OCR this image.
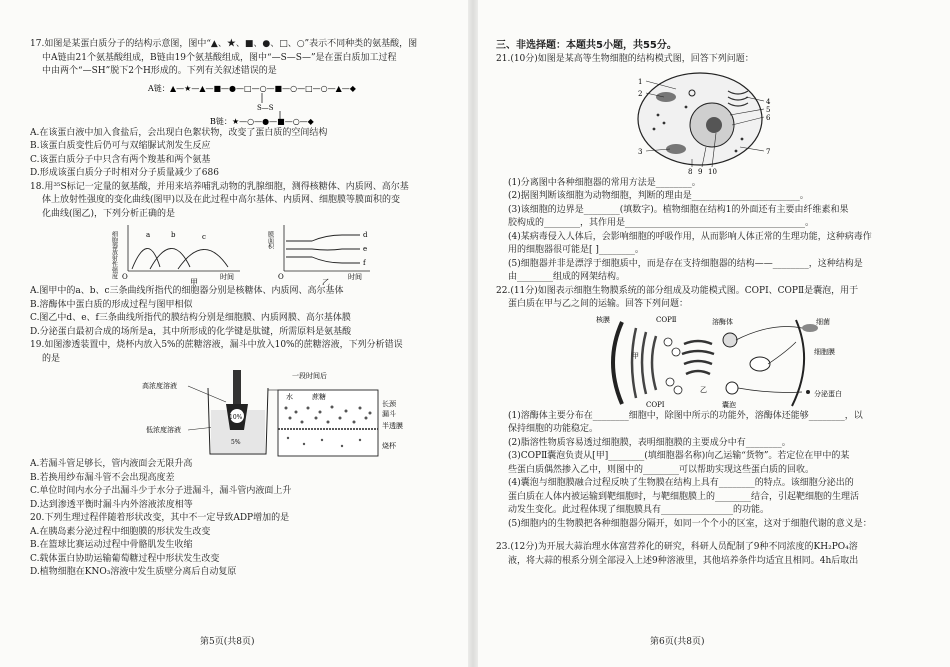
17.如图是某蛋白质分子的结构示意图，图中“▲、★、■、●、□、○”表示不同种类的氨基酸，图

中A链由21个氨基酸组成，B链由19个氨基酸组成，图中“—S—S—”是在蛋白质加工过程

中由两个“—SH”脱下2个H形成的。下列有关叙述错误的是

A链： ▲—★—▲—■—●—□—○—■—○—□—○—▲—◆
S—S
B链： ★—○—●—■—○—◆

A.在该蛋白液中加入食盐后，会出现白色絮状物，改变了蛋白质的空间结构

B.该蛋白质变性后仍可与双缩脲试剂发生反应

C.该蛋白质分子中只含有两个羧基和两个氨基

D.形成该蛋白质分子时相对分子质量减少了686

18.用³⁵S标记一定量的氨基酸，并用来培养哺乳动物的乳腺细胞，测得核糖体、内质网、高尔基

体上放射性强度的变化曲线(图甲)以及在此过程中高尔基体、内质网、细胞膜等膜面积的变

化曲线(图乙)，下列分析正确的是

细胞器放射性强度	a	b	c
O	时间
甲
膜面积	d
e
f
O	时间
乙

A.图甲中的a、b、c三条曲线所指代的细胞器分别是核糖体、内质网、高尔基体

B.溶酶体中蛋白质的形成过程与图甲相似

C.图乙中d、e、f三条曲线所指代的膜结构分别是细胞膜、内质网膜、高尔基体膜

D.分泌蛋白最初合成的场所是a，其中所形成的化学键是肽键，所需原料是氨基酸

19.如图渗透装置中，烧杯内放入5%的蔗糖溶液，漏斗中放入10%的蔗糖溶液，下列分析错误

的是

高浓度溶液
低浓度溶液
10%
5%
一段时间后
水	蔗糖
长颈
漏斗
半透膜
烧杯

A.若漏斗管足够长，管内液面会无限升高

B.若换用纱布漏斗管不会出现高度差

C.单位时间内水分子出漏斗少于水分子进漏斗，漏斗管内液面上升

D.达到渗透平衡时漏斗内外溶液浓度相等

20.下列生理过程伴随着形状改变，其中不一定导致ADP增加的是

A.在胰岛素分泌过程中细胞膜的形状发生改变

B.在篮球比赛运动过程中骨骼肌发生收缩

C.载体蛋白协助运输葡萄糖过程中形状发生改变

D.植物细胞在KNO₃溶液中发生质壁分离后自动复原

第5页(共8页)

三、非选择题：本题共5小题，共55分。

21.(10分)如图是某高等生物细胞的结构模式图，回答下列问题：

1
2
3
4
5
6
7
8 9 10

(1)分离图中各种细胞器的常用方法是________。

(2)据图判断该细胞为动物细胞，判断的理由是________________________。

(3)该细胞的边界是________(填数字)。植物细胞在结构1的外面还有主要由纤维素和果

胶构成的________，其作用是________________________________________。

(4)某病毒侵入人体后，会影响细胞的呼吸作用，从而影响人体正常的生理功能，这种病毒作

用的细胞器很可能是[ ]________。

(5)细胞器并非是漂浮于细胞质中，而是存在支持细胞器的结构——________，这种结构是

由________组成的网架结构。

22.(11分)如图表示细胞生物膜系统的部分组成及功能模式图。COPⅠ、COPⅡ是囊泡，用于

蛋白质在甲与乙之间的运输。回答下列问题：

核膜	COPⅡ	溶酶体	细菌
甲
乙
COPⅠ	囊泡
细胞膜
分泌蛋白

(1)溶酶体主要分布在________细胞中，除图中所示的功能外，溶酶体还能够________，以

保持细胞的功能稳定。

(2)脂溶性物质容易透过细胞膜，表明细胞膜的主要成分中有________。

(3)COPⅡ囊泡负责从[甲]________(填细胞器名称)向乙运输“货物”。若定位在甲中的某

些蛋白质偶然掺入乙中，则图中的________可以帮助实现这些蛋白质的回收。

(4)囊泡与细胞膜融合过程反映了生物膜在结构上具有________的特点。该细胞分泌出的

蛋白质在人体内被运输到靶细胞时，与靶细胞膜上的________结合，引起靶细胞的生理活

动发生变化。此过程体现了细胞膜具有________________的功能。

(5)细胞内的生物膜把各种细胞器分隔开，如同一个个小的区室，这对于细胞代谢的意义是：

23.(12分)为开展大蒜治理水体富营养化的研究，科研人员配制了9种不同浓度的KH₂PO₄溶

液，将大蒜的根系分别全部浸入上述9种溶液里，其他培养条件均适宜且相同。4h后取出

第6页(共8页)
